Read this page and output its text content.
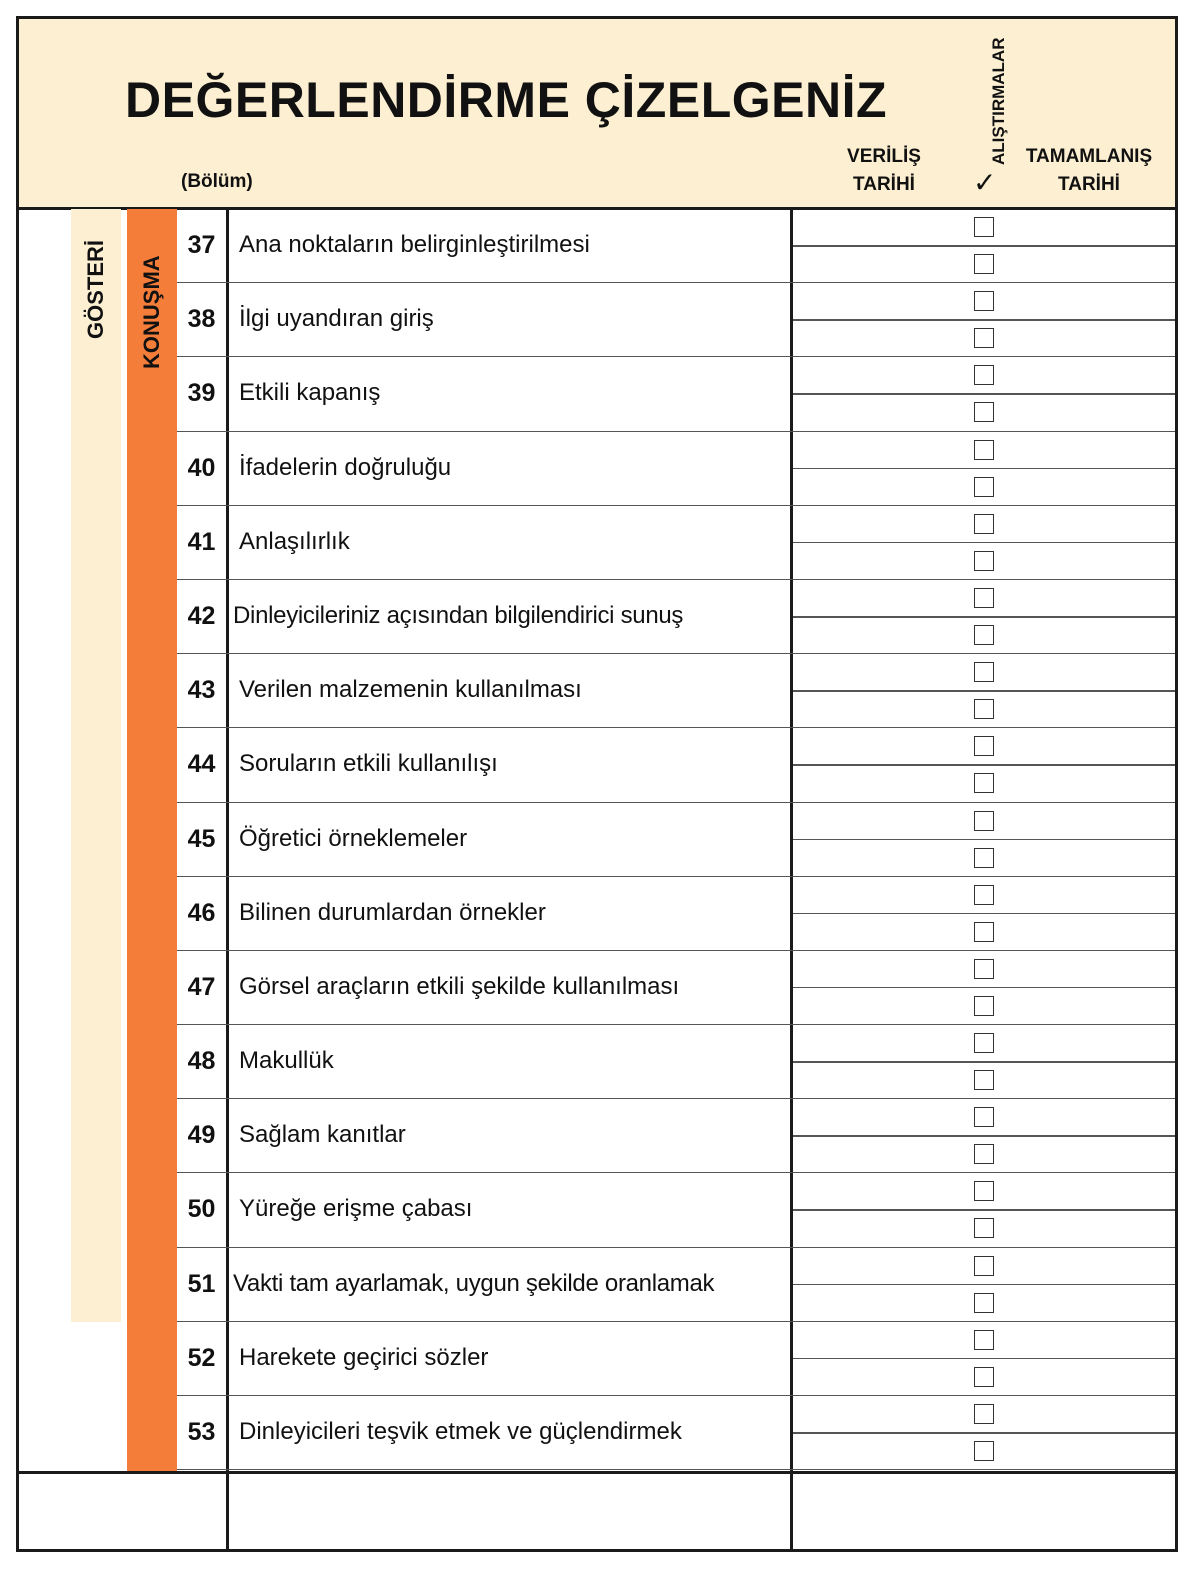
DEĞERLENDİRME ÇİZELGENİZ
(Bölüm)
VERİLİŞ
TARİHİ
ALIŞTIRMALAR
✓
TAMAMLANIŞ
TARİHİ
GÖSTERİ KONUŞMA
37 Ana noktaların belirginleştirilmesi
38 İlgi uyandıran giriş
39 Etkili kapanış
40 İfadelerin doğruluğu
41 Anlaşılırlık
42 Dinleyicileriniz açısından bilgilendirici sunuş
43 Verilen malzemenin kullanılması
44 Soruların etkili kullanılışı
45 Öğretici örneklemeler
46 Bilinen durumlardan örnekler
47 Görsel araçların etkili şekilde kullanılması
48 Makullük
49 Sağlam kanıtlar
50 Yüreğe erişme çabası
51 Vakti tam ayarlamak, uygun şekilde oranlamak
52 Harekete geçirici sözler
53 Dinleyicileri teşvik etmek ve güçlendirmek
